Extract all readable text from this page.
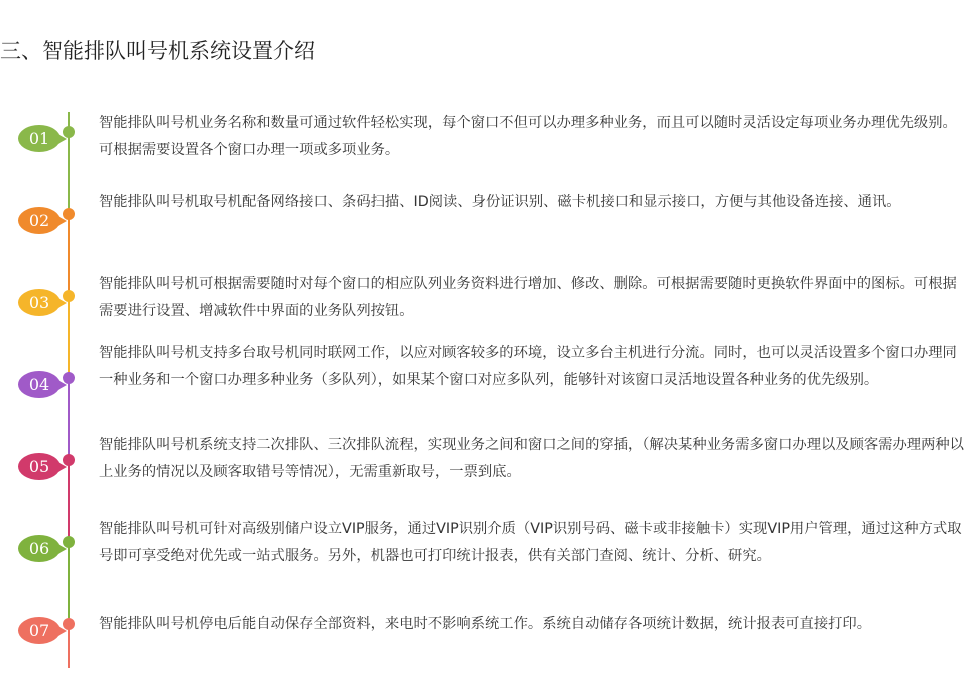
三、智能排队叫号机系统设置介绍
01

智能排队叫号机业务名称和数量可通过软件轻松实现，每个窗口不但可以办理多种业务，而且可以随时灵活设定每项业务办理优先级别。可根据需要设置各个窗口办理一项或多项业务。

02

智能排队叫号机取号机配备网络接口、条码扫描、ID阅读、身份证识别、磁卡机接口和显示接口，方便与其他设备连接、通讯。

03

智能排队叫号机可根据需要随时对每个窗口的相应队列业务资料进行增加、修改、删除。可根据需要随时更换软件界面中的图标。可根据需要进行设置、增减软件中界面的业务队列按钮。

04

智能排队叫号机支持多台取号机同时联网工作，以应对顾客较多的环境，设立多台主机进行分流。同时，也可以灵活设置多个窗口办理同一种业务和一个窗口办理多种业务（多队列），如果某个窗口对应多队列，能够针对该窗口灵活地设置各种业务的优先级别。

05

智能排队叫号机系统支持二次排队、三次排队流程，实现业务之间和窗口之间的穿插，（解决某种业务需多窗口办理以及顾客需办理两种以上业务的情况以及顾客取错号等情况），无需重新取号，一票到底。

06

智能排队叫号机可针对高级别储户设立VIP服务，通过VIP识别介质（VIP识别号码、磁卡或非接触卡）实现VIP用户管理，通过这种方式取号即可享受绝对优先或一站式服务。另外，机器也可打印统计报表，供有关部门查阅、统计、分析、研究。

07	智能排队叫号机停电后能自动保存全部资料，来电时不影响系统工作。系统自动储存各项统计数据，统计报表可直接打印。
